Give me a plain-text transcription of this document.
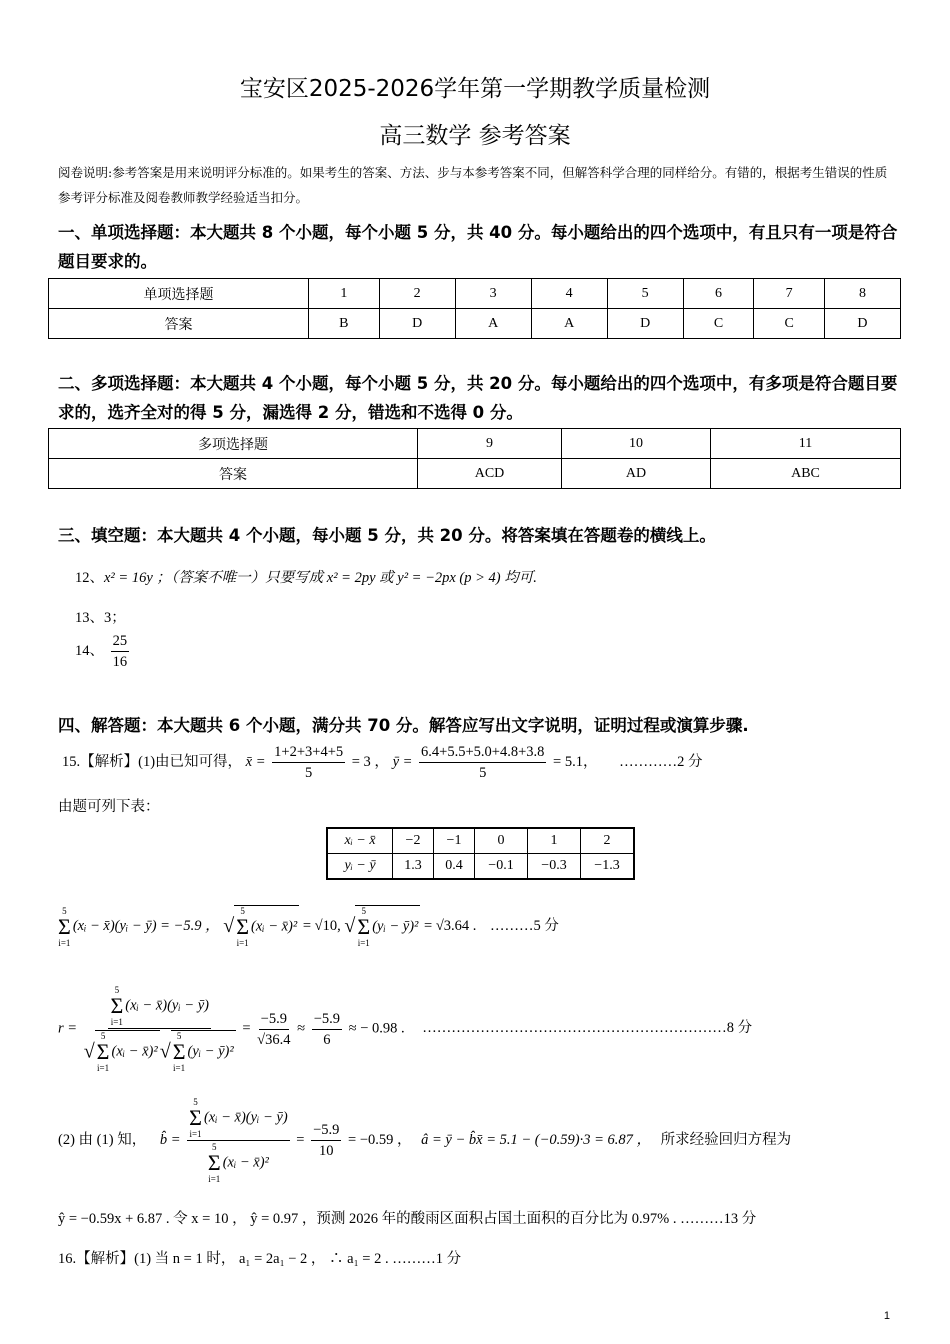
宝安区2025-2026学年第一学期教学质量检测
高三数学 参考答案
阅卷说明:参考答案是用来说明评分标准的。如果考生的答案、方法、步与本参考答案不同，但解答科学合理的同样给分。有错的，根据考生错误的性质参考评分标准及阅卷教师教学经验适当扣分。
一、单项选择题：本大题共 8 个小题，每个小题 5 分，共 40 分。每小题给出的四个选项中，有且只有一项是符合题目要求的。
单项选择题	1	2	3	4	5	6	7	8
答案	B	D	A	A	D	C	C	D
二、多项选择题：本大题共 4 个小题，每个小题 5 分，共 20 分。每小题给出的四个选项中，有多项是符合题目要求的，选齐全对的得 5 分，漏选得 2 分，错选和不选得 0 分。
多项选择题	9	10	11
答案	ACD	AD	ABC
三、填空题：本大题共 4 个小题，每小题 5 分，共 20 分。将答案填在答题卷的横线上。
12、x² = 16y ；（答案不唯一）只要写成 x² = 2py 或 y² = −2px (p > 4) 均可.
13、3；
14、 $\frac{25}{16}$
四、解答题：本大题共 6 个小题，满分共 70 分。解答应写出文字说明，证明过程或演算步骤.
15.【解析】(1)由已知可得， x̄ = $\frac{1+2+3+4+5}{5} = 3$ ， ȳ = $\frac{6.4+5.5+5.0+4.8+3.8}{5} = 5.1$， …………2 分
由题可列下表：
xᵢ − x̄	−2	−1	0	1	2
yᵢ − ȳ	1.3	0.4	−0.1	−0.3	−1.3
5
Σ
i=1
(xᵢ − x̄)(yᵢ − ȳ) = −5.9 ， √
5
Σ
i=1
(xᵢ − x̄)² = √10, √
5
Σ
i=1
(yᵢ − ȳ)² = √3.64 . ………5 分
r = 5
Σ
i=1
(xᵢ − x̄)(yᵢ − ȳ)
√
5
Σ
i=1
(xᵢ − x̄)² √
5
Σ
i=1
(yᵢ − ȳ)² = $\frac{-5.9}{√36.4} \approx \frac{-5.9}{6}$ ≈ − 0.98 . ………………………………………………………8 分
(2) 由 (1) 知， b̂ = 5
Σ
i=1
(xᵢ − x̄)(yᵢ − ȳ)
5
Σ
i=1
(xᵢ − x̄)² = $\frac{-5.9}{10} = -0.59$ ， â = ȳ − b̂x̄ = 5.1 − (−0.59)·3 = 6.87 ， 所求经验回归方程为
ŷ = −0.59x + 6.87 . 令 x = 10 ， ŷ = 0.97 ，预测 2026 年的酸雨区面积占国土面积的百分比为 0.97% . ………13 分
16.【解析】(1) 当 n = 1 时， a₁ = 2a₁ − 2 ， ∴ a₁ = 2 . ………1 分
1
